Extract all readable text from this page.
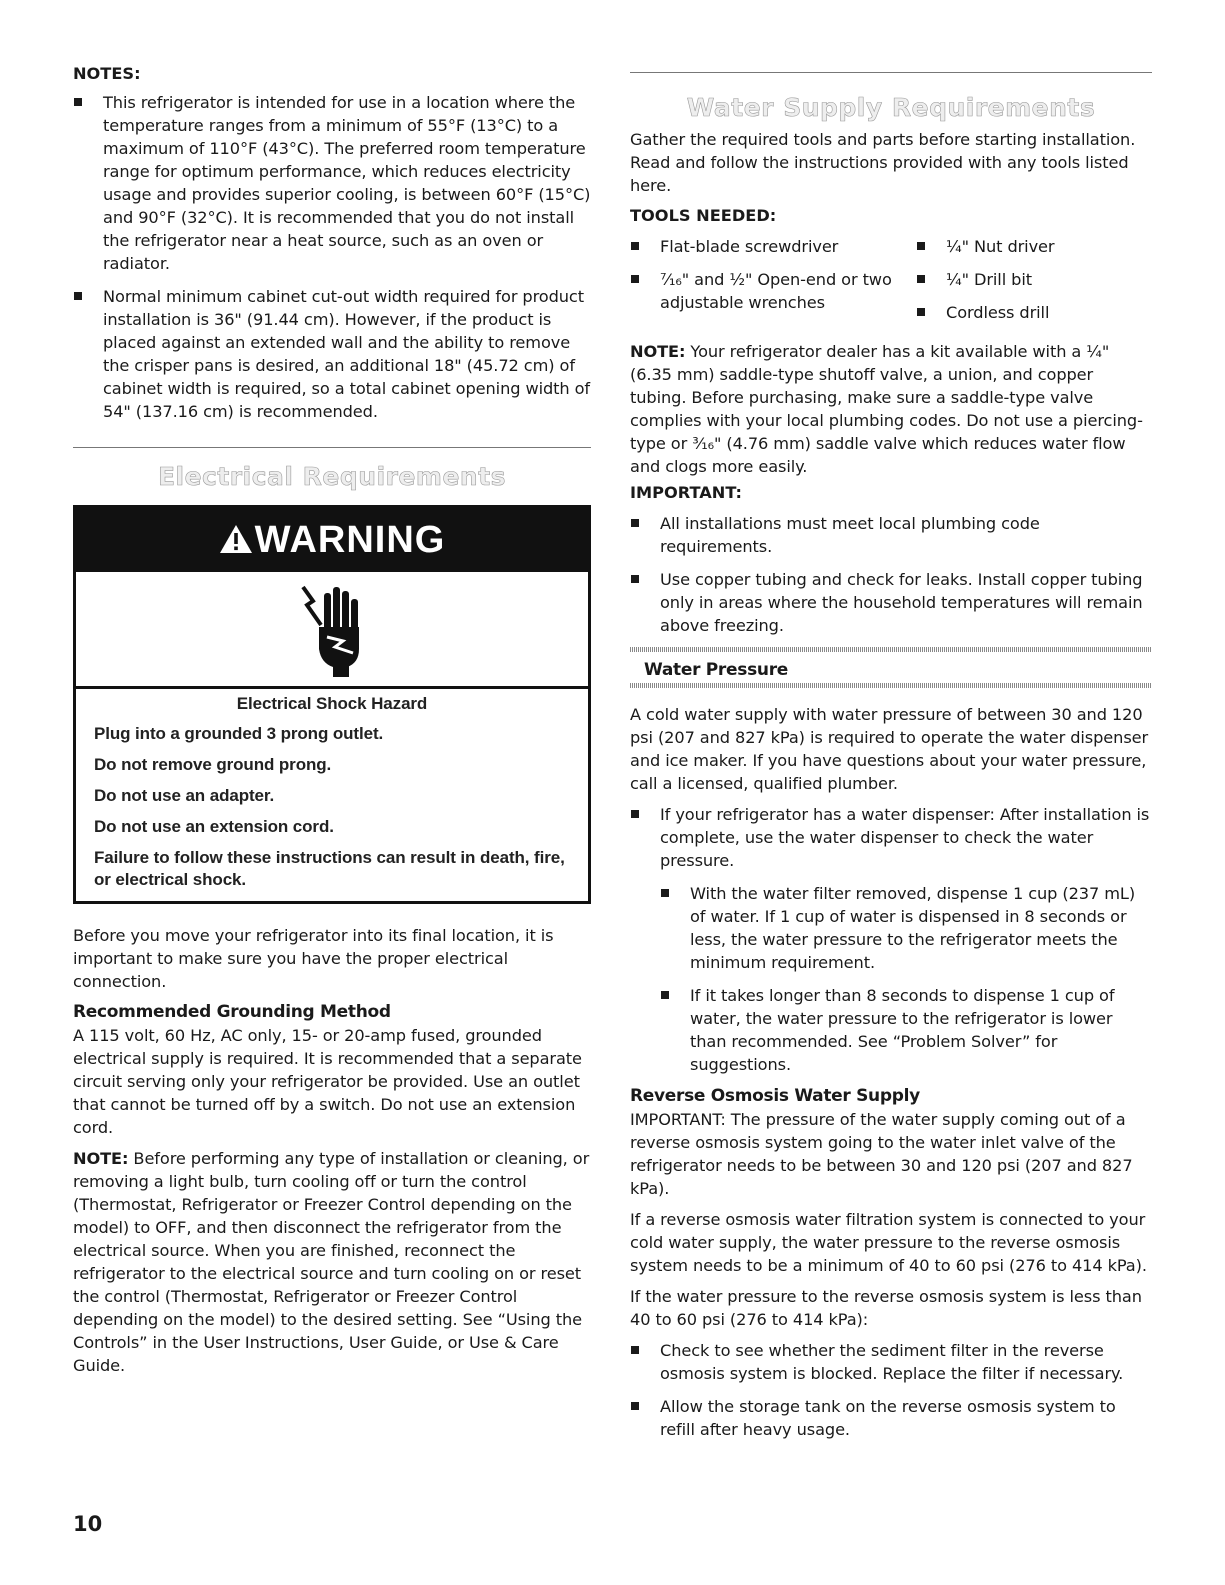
NOTES:
This refrigerator is intended for use in a location where the temperature ranges from a minimum of 55°F (13°C) to a maximum of 110°F (43°C). The preferred room temperature range for optimum performance, which reduces electricity usage and provides superior cooling, is between 60°F (15°C) and 90°F (32°C). It is recommended that you do not install the refrigerator near a heat source, such as an oven or radiator.
Normal minimum cabinet cut-out width required for product installation is 36" (91.44 cm). However, if the product is placed against an extended wall and the ability to remove the crisper pans is desired, an additional 18" (45.72 cm) of cabinet width is required, so a total cabinet opening width of 54" (137.16 cm) is recommended.
Electrical Requirements
WARNING

Electrical Shock Hazard

Plug into a grounded 3 prong outlet.

Do not remove ground prong.

Do not use an adapter.

Do not use an extension cord.

Failure to follow these instructions can result in death, fire, or electrical shock.

Before you move your refrigerator into its final location, it is important to make sure you have the proper electrical connection.

Recommended Grounding Method

A 115 volt, 60 Hz, AC only, 15- or 20-amp fused, grounded electrical supply is required. It is recommended that a separate circuit serving only your refrigerator be provided. Use an outlet that cannot be turned off by a switch. Do not use an extension cord.

NOTE: Before performing any type of installation or cleaning, or removing a light bulb, turn cooling off or turn the control (Thermostat, Refrigerator or Freezer Control depending on the model) to OFF, and then disconnect the refrigerator from the electrical source. When you are finished, reconnect the refrigerator to the electrical source and turn cooling on or reset the control (Thermostat, Refrigerator or Freezer Control depending on the model) to the desired setting. See “Using the Controls” in the User Instructions, User Guide, or Use & Care Guide.

Water Supply Requirements

Gather the required tools and parts before starting installation. Read and follow the instructions provided with any tools listed here.

TOOLS NEEDED:
Flat-blade screwdriver
⁷⁄₁₆" and ½" Open-end or two adjustable wrenches
¼" Nut driver
¼" Drill bit
Cordless drill

NOTE: Your refrigerator dealer has a kit available with a ¼" (6.35 mm) saddle-type shutoff valve, a union, and copper tubing. Before purchasing, make sure a saddle-type valve complies with your local plumbing codes. Do not use a piercing-type or ³⁄₁₆" (4.76 mm) saddle valve which reduces water flow and clogs more easily.

IMPORTANT:
All installations must meet local plumbing code requirements.
Use copper tubing and check for leaks. Install copper tubing only in areas where the household temperatures will remain above freezing.
Water Pressure

A cold water supply with water pressure of between 30 and 120 psi (207 and 827 kPa) is required to operate the water dispenser and ice maker. If you have questions about your water pressure, call a licensed, qualified plumber.

If your refrigerator has a water dispenser: After installation is complete, use the water dispenser to check the water pressure.
With the water filter removed, dispense 1 cup (237 mL) of water. If 1 cup of water is dispensed in 8 seconds or less, the water pressure to the refrigerator meets the minimum requirement.
If it takes longer than 8 seconds to dispense 1 cup of water, the water pressure to the refrigerator is lower than recommended. See “Problem Solver” for suggestions.
Reverse Osmosis Water Supply

IMPORTANT: The pressure of the water supply coming out of a reverse osmosis system going to the water inlet valve of the refrigerator needs to be between 30 and 120 psi (207 and 827 kPa).

If a reverse osmosis water filtration system is connected to your cold water supply, the water pressure to the reverse osmosis system needs to be a minimum of 40 to 60 psi (276 to 414 kPa).

If the water pressure to the reverse osmosis system is less than 40 to 60 psi (276 to 414 kPa):

Check to see whether the sediment filter in the reverse osmosis system is blocked. Replace the filter if necessary.
Allow the storage tank on the reverse osmosis system to refill after heavy usage.
10
